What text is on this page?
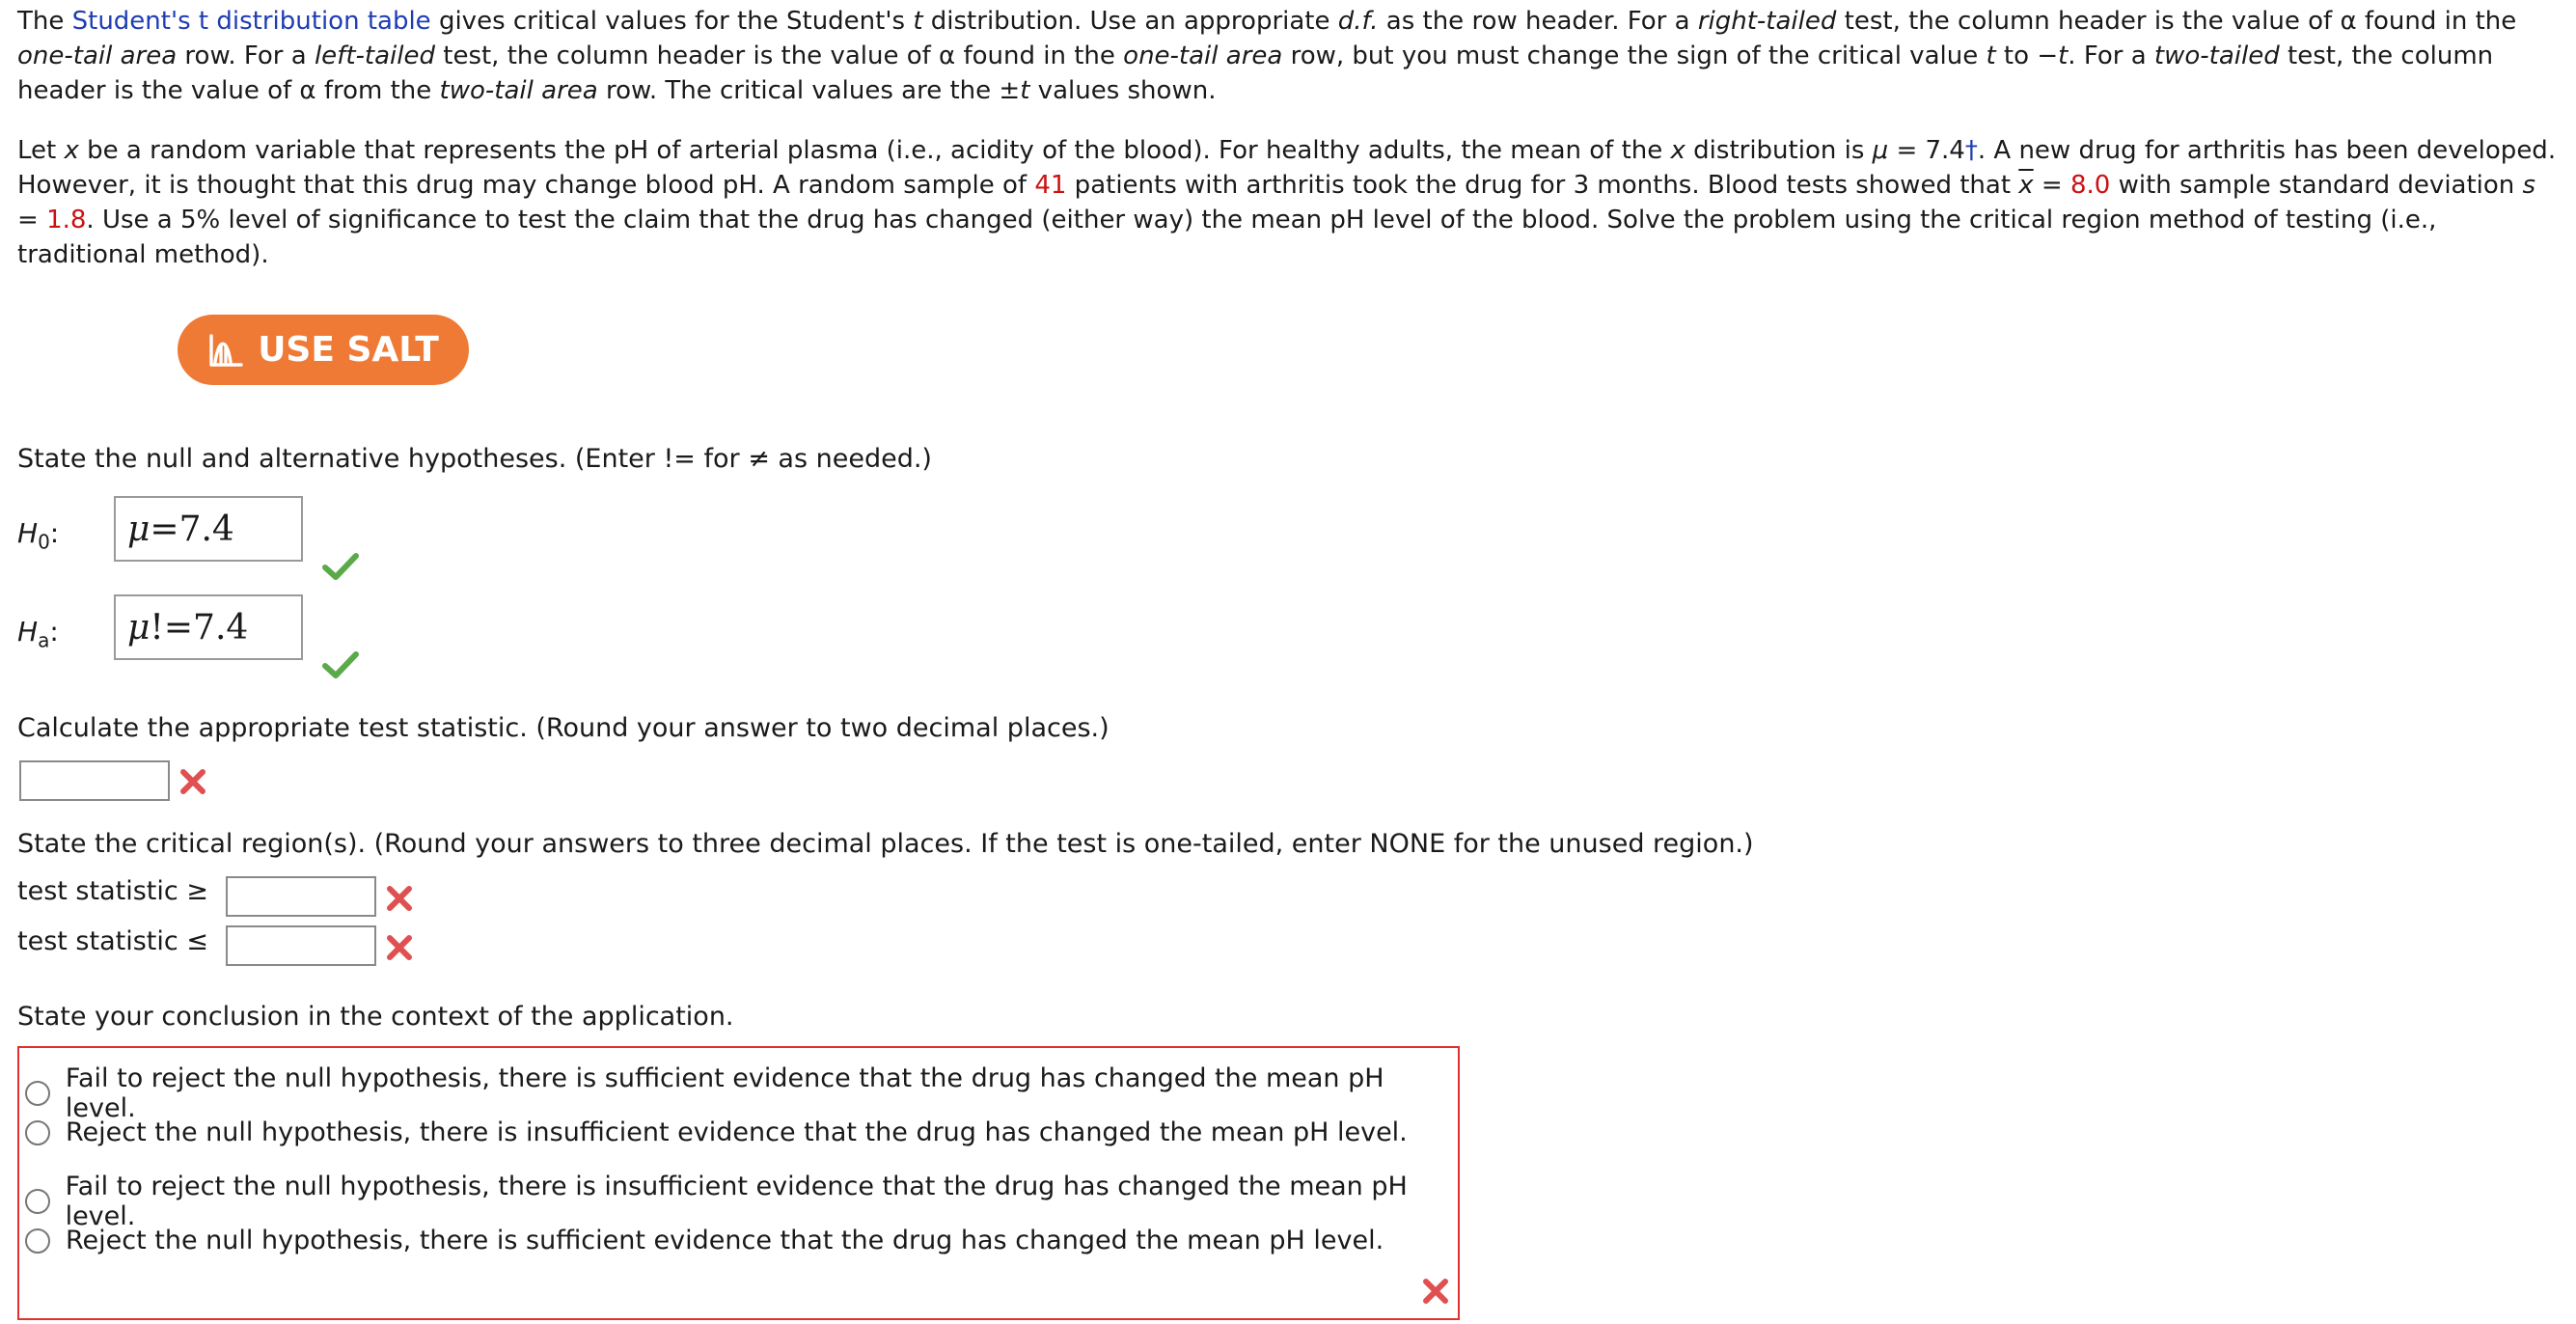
The Student's t distribution table gives critical values for the Student's t distribution. Use an appropriate d.f. as the row header. For a right-tailed test, the column header is the value of α found in the one-tail area row. For a left-tailed test, the column header is the value of α found in the one-tail area row, but you must change the sign of the critical value t to −t. For a two-tailed test, the column header is the value of α from the two-tail area row. The critical values are the ±t values shown.

Let x be a random variable that represents the pH of arterial plasma (i.e., acidity of the blood). For healthy adults, the mean of the x distribution is μ = 7.4†. A new drug for arthritis has been developed. However, it is thought that this drug may change blood pH. A random sample of 41 patients with arthritis took the drug for 3 months. Blood tests showed that $\overline{x} = 8.0$ with sample standard deviation s = 1.8. Use a 5% level of significance to test the claim that the drug has changed (either way) the mean pH level of the blood. Solve the problem using the critical region method of testing (i.e., traditional method).

USE SALT

State the null and alternative hypotheses. (Enter != for ≠ as needed.)

$H_0$: μ =7.4
$H_a$: μ !=7.4

Calculate the appropriate test statistic. (Round your answer to two decimal places.)

State the critical region(s). (Round your answers to three decimal places. If the test is one-tailed, enter NONE for the unused region.)

test statistic ≥
test statistic ≤

State your conclusion in the context of the application.

Fail to reject the null hypothesis, there is sufficient evidence that the drug has changed the mean pH level.
Reject the null hypothesis, there is insufficient evidence that the drug has changed the mean pH level.
Fail to reject the null hypothesis, there is insufficient evidence that the drug has changed the mean pH level.
Reject the null hypothesis, there is sufficient evidence that the drug has changed the mean pH level.
